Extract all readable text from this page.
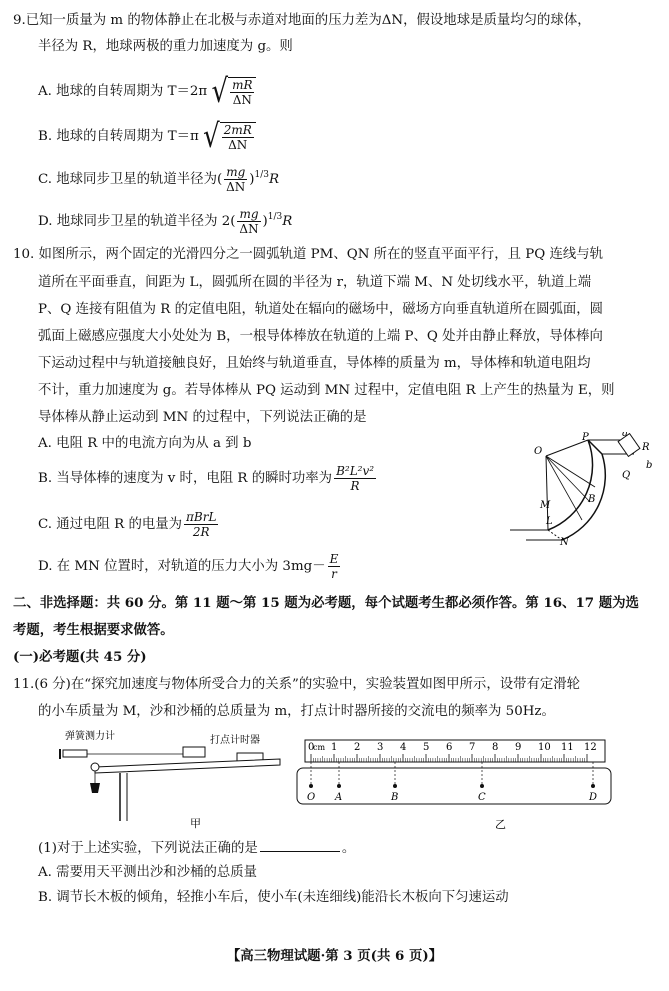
9.已知一质量为 m 的物体静止在北极与赤道对地面的压力差为ΔN，假设地球是质量均匀的球体，
半径为 R，地球两极的重力加速度为 g。则
A. 地球的自转周期为 T＝2π √ $\frac{mR}{\Delta N}$
B. 地球的自转周期为 T＝π √ $\frac{2mR}{\Delta N}$
C. 地球同步卫星的轨道半径为( $\frac{mg}{\Delta N} )^{1/3}R$
D. 地球同步卫星的轨道半径为 $2( \frac{mg}{\Delta N} )^{1/3}R$
10. 如图所示，两个固定的光滑四分之一圆弧轨道 PM、QN 所在的竖直平面平行，且 PQ 连线与轨
道所在平面垂直，间距为 L，圆弧所在圆的半径为 r，轨道下端 M、N 处切线水平，轨道上端
P、Q 连接有阻值为 R 的定值电阻，轨道处在辐向的磁场中，磁场方向垂直轨道所在圆弧面，圆
弧面上磁感应强度大小处处为 B，一根导体棒放在轨道的上端 P、Q 处并由静止释放，导体棒向
下运动过程中与轨道接触良好，且始终与轨道垂直，导体棒的质量为 m，导体棒和轨道电阻均
不计，重力加速度为 g。若导体棒从 PQ 运动到 MN 过程中，定值电阻 R 上产生的热量为 E，则
导体棒从静止运动到 MN 的过程中，下列说法正确的是
A. 电阻 R 中的电流方向为从 a 到 b
B. 当导体棒的速度为 v 时，电阻 R 的瞬时功率为 $\frac{\text{B²L²v²}}{R}$
C. 通过电阻 R 的电量为 $\frac{\text{πBrL}}{2R}$
D. 在 MN 位置时，对轨道的压力大小为 $3mg- \frac{E}{r}$
O
P	a
R
b
Q
B
M
L
N
二、非选择题：共 60 分。第 11 题～第 15 题为必考题，每个试题考生都必须作答。第 16、17 题为选
考题，考生根据要求做答。
(一)必考题(共 45 分)
11.(6 分)在“探究加速度与物体所受合力的关系”的实验中，实验装置如图甲所示，设带有定滑轮
的小车质量为 M，沙和沙桶的总质量为 m，打点计时器所接的交流电的频率为 50Hz。
弹簧测力计	打点计时器
甲
0 1 2 3 4 5 6 7 8 9 10 11 12
cm
O A	B	C	D
乙
(1)对于上述实验，下列说法正确的是	。
A. 需要用天平测出沙和沙桶的总质量
B. 调节长木板的倾角，轻推小车后，使小车(未连细线)能沿长木板向下匀速运动
【高三物理试题·第 3 页(共 6 页)】
